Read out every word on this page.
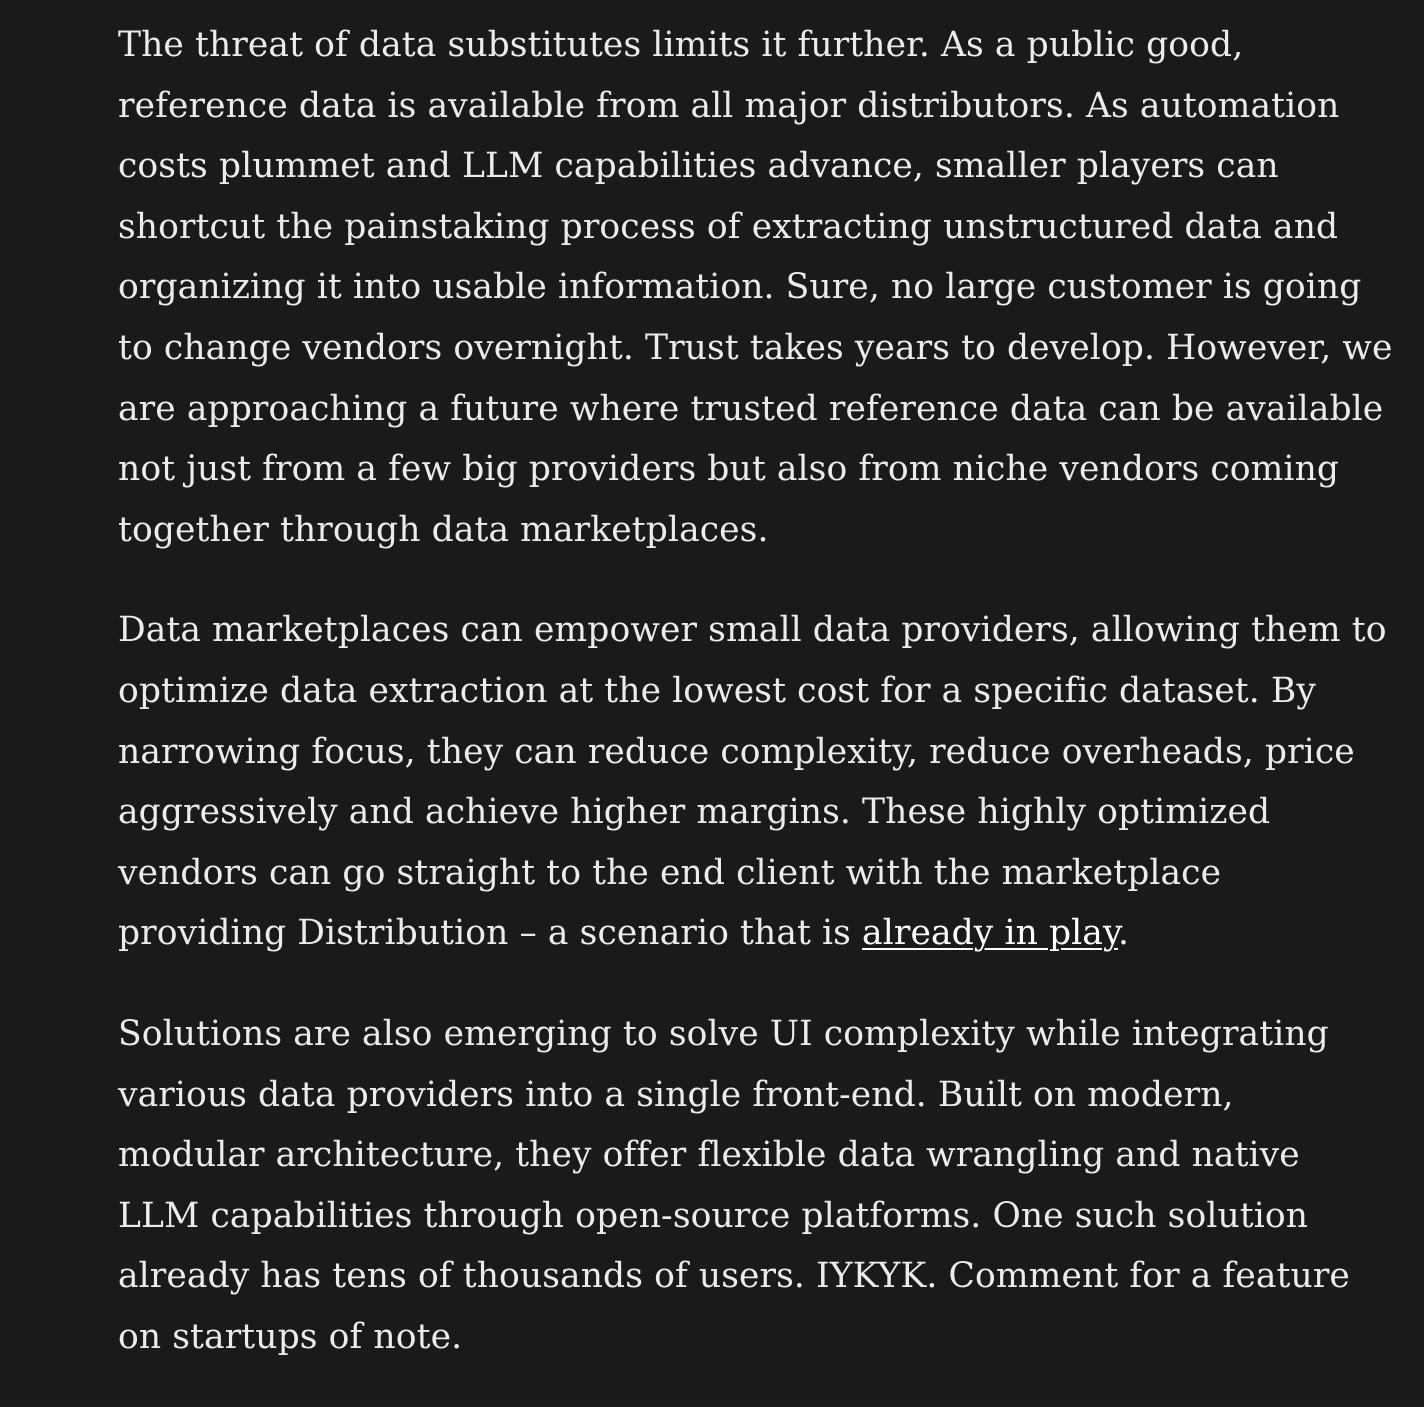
The threat of data substitutes limits it further. As a public good,
reference data is available from all major distributors. As automation
costs plummet and LLM capabilities advance, smaller players can
shortcut the painstaking process of extracting unstructured data and
organizing it into usable information. Sure, no large customer is going
to change vendors overnight. Trust takes years to develop. However, we
are approaching a future where trusted reference data can be available
not just from a few big providers but also from niche vendors coming
together through data marketplaces.

Data marketplaces can empower small data providers, allowing them to
optimize data extraction at the lowest cost for a specific dataset. By
narrowing focus, they can reduce complexity, reduce overheads, price
aggressively and achieve higher margins. These highly optimized
vendors can go straight to the end client with the marketplace
providing Distribution – a scenario that is already in play.

Solutions are also emerging to solve UI complexity while integrating
various data providers into a single front-end. Built on modern,
modular architecture, they offer flexible data wrangling and native
LLM capabilities through open-source platforms. One such solution
already has tens of thousands of users. IYKYK. Comment for a feature
on startups of note.
